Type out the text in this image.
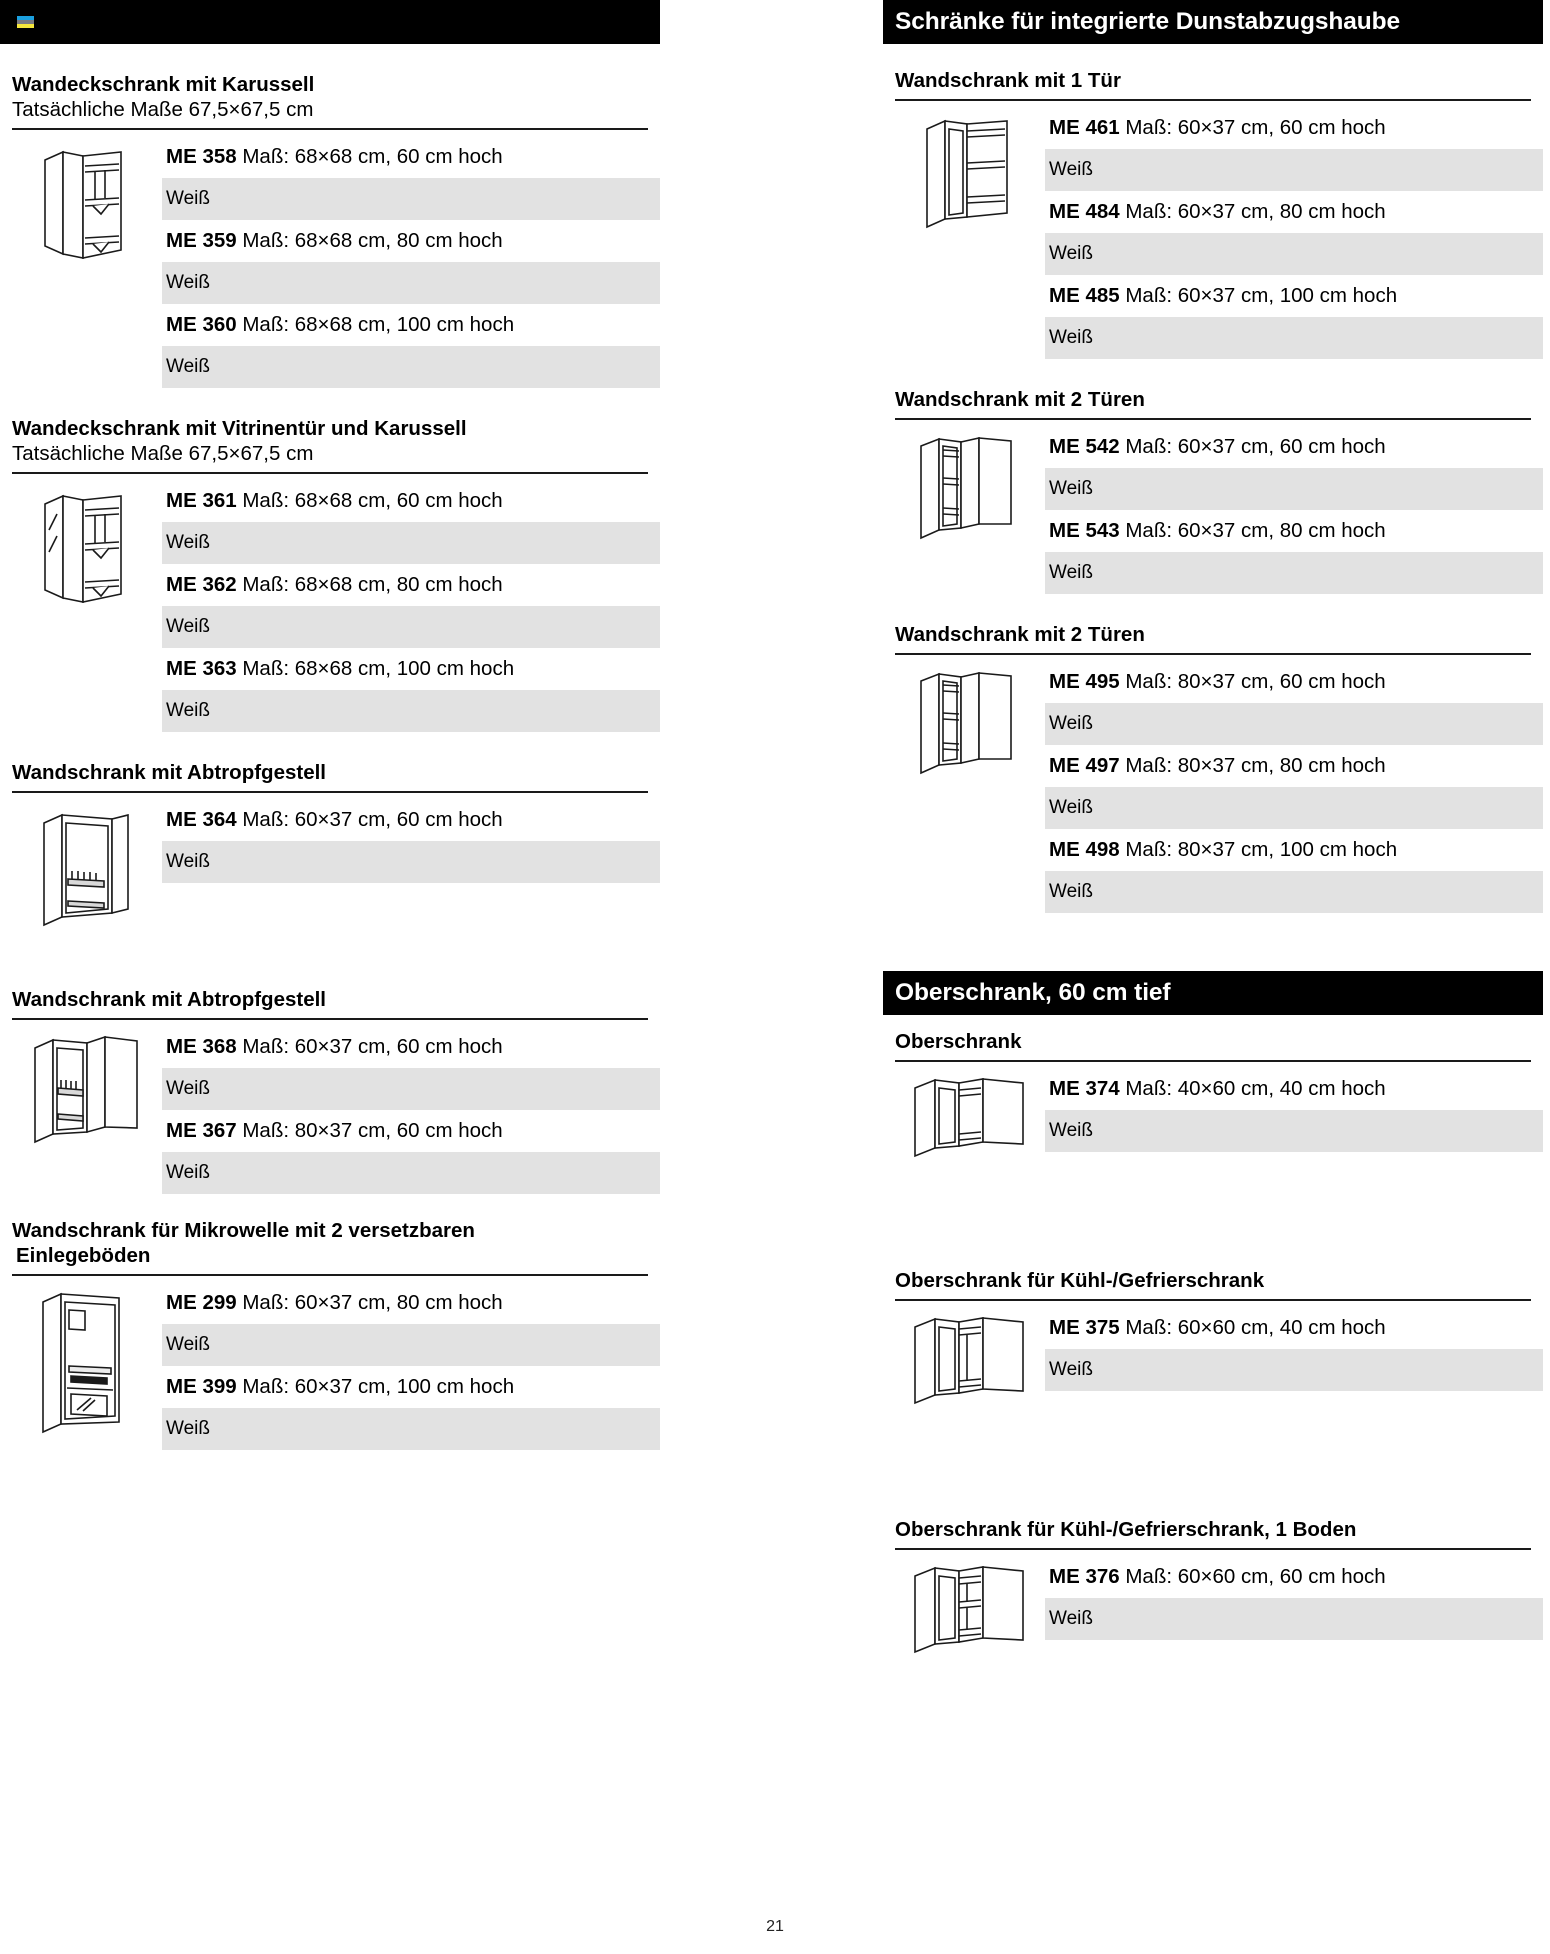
Wandeckschrank mit Karussell
Tatsächliche Maße 67,5×67,5 cm
ME 358 Maß: 68×68 cm, 60 cm hoch
Weiß
ME 359 Maß: 68×68 cm, 80 cm hoch
Weiß
ME 360 Maß: 68×68 cm, 100 cm hoch
Weiß
Wandeckschrank mit Vitrinentür und Karussell
Tatsächliche Maße 67,5×67,5 cm
ME 361 Maß: 68×68 cm, 60 cm hoch
Weiß
ME 362 Maß: 68×68 cm, 80 cm hoch
Weiß
ME 363 Maß: 68×68 cm, 100 cm hoch
Weiß
Wandschrank mit Abtropfgestell
ME 364 Maß: 60×37 cm, 60 cm hoch
Weiß
Wandschrank mit Abtropfgestell
ME 368 Maß: 60×37 cm, 60 cm hoch
Weiß
ME 367 Maß: 80×37 cm, 60 cm hoch
Weiß
Wandschrank für Mikrowelle mit 2 versetzbaren
Einlegeböden
ME 299 Maß: 60×37 cm, 80 cm hoch
Weiß
ME 399 Maß: 60×37 cm, 100 cm hoch
Weiß
Schränke für integrierte Dunstabzugshaube
Wandschrank mit 1 Tür
ME 461 Maß: 60×37 cm, 60 cm hoch
Weiß
ME 484 Maß: 60×37 cm, 80 cm hoch
Weiß
ME 485 Maß: 60×37 cm, 100 cm hoch
Weiß
Wandschrank mit 2 Türen
ME 542 Maß: 60×37 cm, 60 cm hoch
Weiß
ME 543 Maß: 60×37 cm, 80 cm hoch
Weiß
Wandschrank mit 2 Türen
ME 495 Maß: 80×37 cm, 60 cm hoch
Weiß
ME 497 Maß: 80×37 cm, 80 cm hoch
Weiß
ME 498 Maß: 80×37 cm, 100 cm hoch
Weiß
Oberschrank, 60 cm tief
Oberschrank
ME 374 Maß: 40×60 cm, 40 cm hoch
Weiß
Oberschrank für Kühl-/Gefrierschrank
ME 375 Maß: 60×60 cm, 40 cm hoch
Weiß
Oberschrank für Kühl-/Gefrierschrank, 1 Boden
ME 376 Maß: 60×60 cm, 60 cm hoch
Weiß
21
